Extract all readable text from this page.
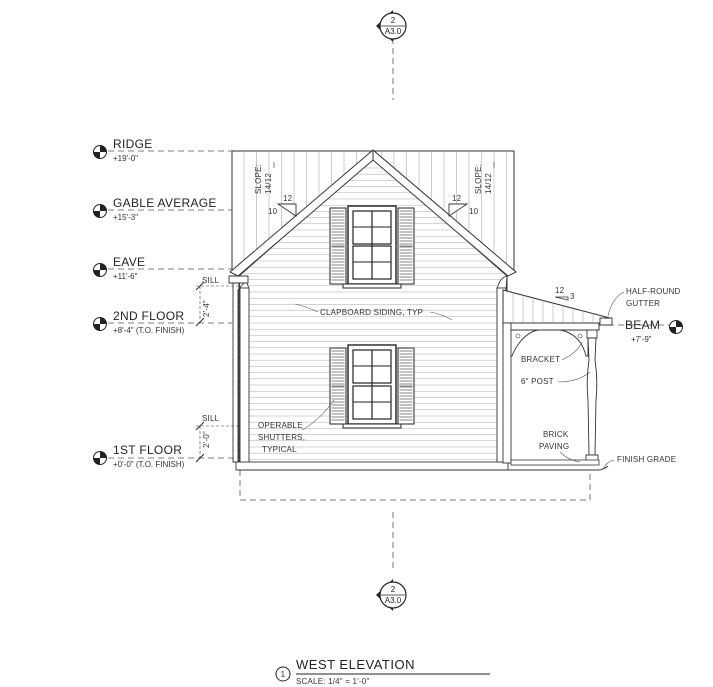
2
A3.0
2
A3.0
RIDGE
+19'-0"
GABLE AVERAGE
+15'-3"
EAVE
+11'-6"
2ND FLOOR
+8'-4" (T.O. FINISH)
1ST FLOOR
+0'-0" (T.O. FINISH)
BEAM
+7'-9"
SLOPE: 14/12
12
10
SLOPE: 14/12
12
10
12
3
2'-4"
SILL
2'-0"
SILL
CLAPBOARD SIDING, TYP
OPERABLE
SHUTTERS,
TYPICAL
HALF-ROUND
GUTTER
BRACKET
6" POST
BRICK
PAVING
FINISH GRADE
1
WEST ELEVATION
SCALE: 1/4" = 1'-0"
